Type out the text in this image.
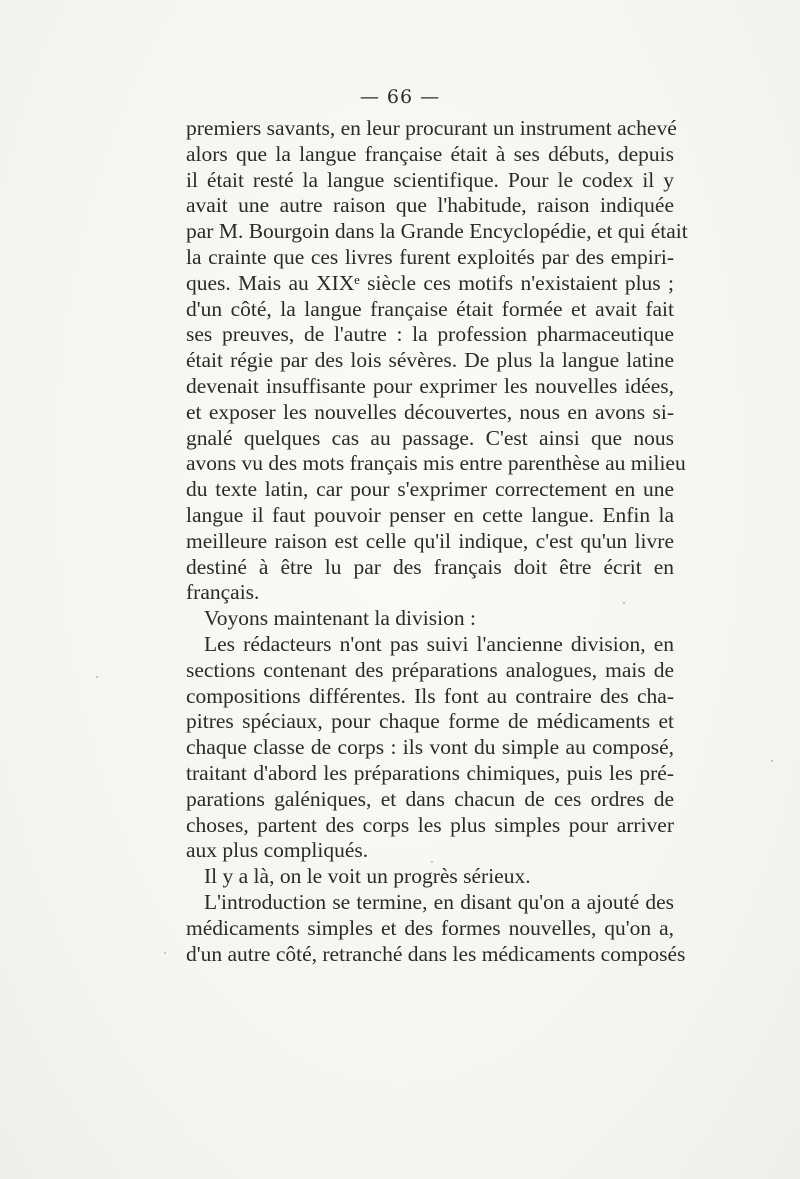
— 66 —
premiers savants, en leur procurant un instrument achevé
alors que la langue française était à ses débuts, depuis
il était resté la langue scientifique. Pour le codex il y
avait une autre raison que l'habitude, raison indiquée
par M. Bourgoin dans la Grande Encyclopédie, et qui était
la crainte que ces livres furent exploités par des empiri-
ques. Mais au XIXᵉ siècle ces motifs n'existaient plus ;
d'un côté, la langue française était formée et avait fait
ses preuves, de l'autre : la profession pharmaceutique
était régie par des lois sévères. De plus la langue latine
devenait insuffisante pour exprimer les nouvelles idées,
et exposer les nouvelles découvertes, nous en avons si-
gnalé quelques cas au passage. C'est ainsi que nous
avons vu des mots français mis entre parenthèse au milieu
du texte latin, car pour s'exprimer correctement en une
langue il faut pouvoir penser en cette langue. Enfin la
meilleure raison est celle qu'il indique, c'est qu'un livre
destiné à être lu par des français doit être écrit en
français.
Voyons maintenant la division :
Les rédacteurs n'ont pas suivi l'ancienne division, en
sections contenant des préparations analogues, mais de
compositions différentes. Ils font au contraire des cha-
pitres spéciaux, pour chaque forme de médicaments et
chaque classe de corps : ils vont du simple au composé,
traitant d'abord les préparations chimiques, puis les pré-
parations galéniques, et dans chacun de ces ordres de
choses, partent des corps les plus simples pour arriver
aux plus compliqués.
Il y a là, on le voit un progrès sérieux.
L'introduction se termine, en disant qu'on a ajouté des
médicaments simples et des formes nouvelles, qu'on a,
d'un autre côté, retranché dans les médicaments composés
